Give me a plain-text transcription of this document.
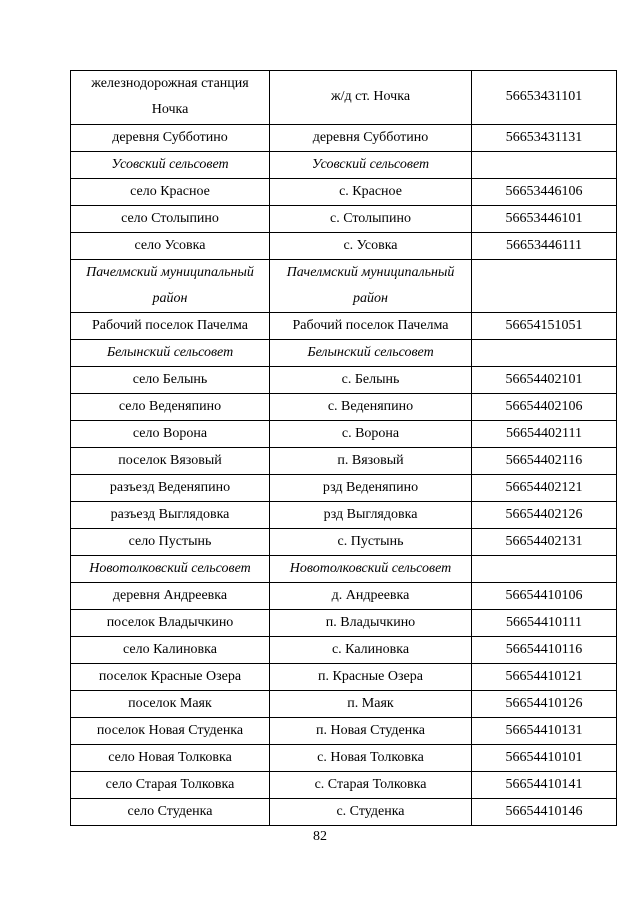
железнодорожная станция Ночка	ж/д ст. Ночка	56653431101
деревня Субботино	деревня Субботино	56653431131
Усовский сельсовет	Усовский сельсовет	
село Красное	с. Красное	56653446106
село Столыпино	с. Столыпино	56653446101
село Усовка	с. Усовка	56653446111
Пачелмский муниципальный район	Пачелмский муниципальный район	
Рабочий поселок Пачелма	Рабочий поселок Пачелма	56654151051
Белынский сельсовет	Белынский сельсовет	
село Белынь	с. Белынь	56654402101
село Веденяпино	с. Веденяпино	56654402106
село Ворона	с. Ворона	56654402111
поселок Вязовый	п. Вязовый	56654402116
разъезд Веденяпино	рзд Веденяпино	56654402121
разъезд Выглядовка	рзд Выглядовка	56654402126
село Пустынь	с. Пустынь	56654402131
Новотолковский сельсовет	Новотолковский сельсовет	
деревня Андреевка	д. Андреевка	56654410106
поселок Владычкино	п. Владычкино	56654410111
село Калиновка	с. Калиновка	56654410116
поселок Красные Озера	п. Красные Озера	56654410121
поселок Маяк	п. Маяк	56654410126
поселок Новая Студенка	п. Новая Студенка	56654410131
село Новая Толковка	с. Новая Толковка	56654410101
село Старая Толковка	с. Старая Толковка	56654410141
село Студенка	с. Студенка	56654410146
82
